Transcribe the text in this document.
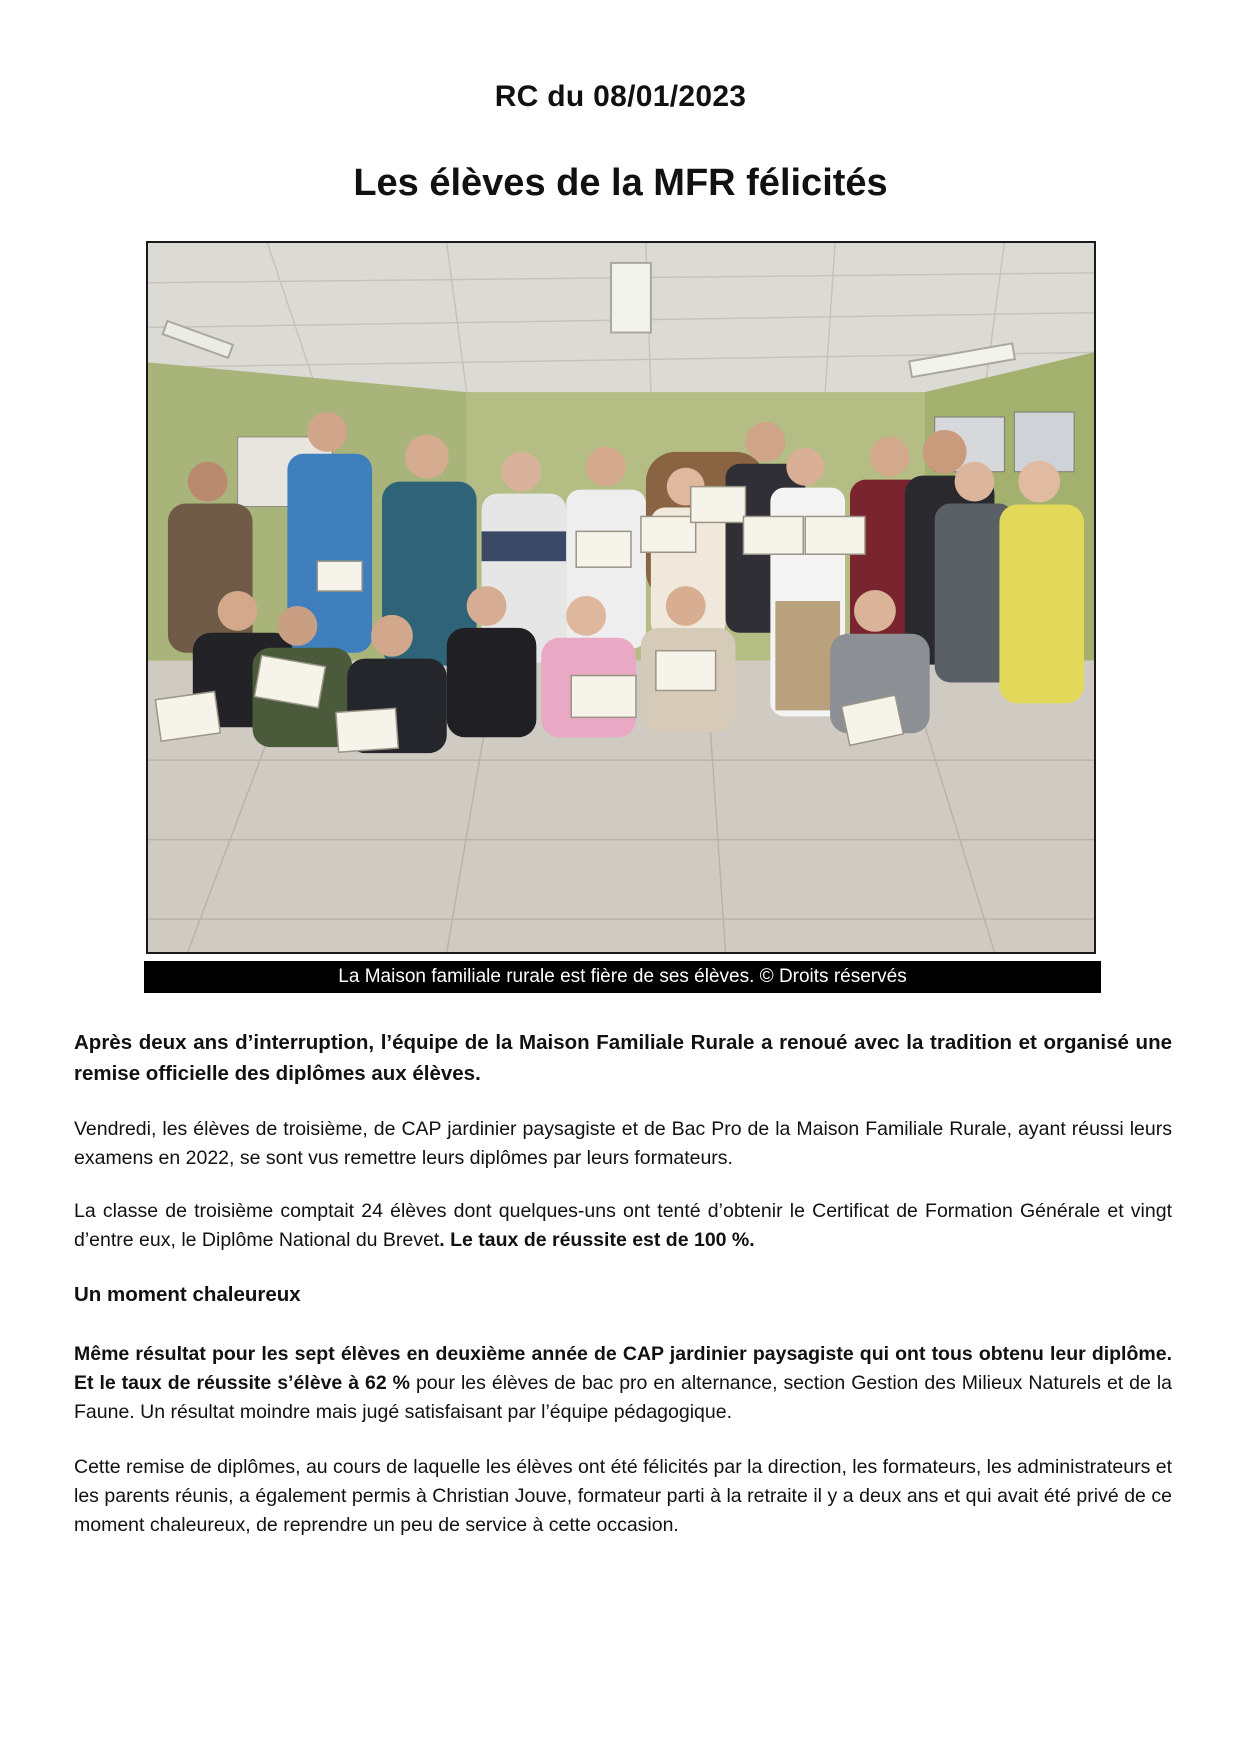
RC du 08/01/2023
Les élèves de la MFR félicités
La Maison familiale rurale est fière de ses élèves. © Droits réservés
Après deux ans d’interruption, l’équipe de la Maison Familiale Rurale a renoué avec la tradition et organisé une remise officielle des diplômes aux élèves.
Vendredi, les élèves de troisième, de CAP jardinier paysagiste et de Bac Pro de la Maison Familiale Rurale, ayant réussi leurs examens en 2022, se sont vus remettre leurs diplômes par leurs formateurs.
La classe de troisième comptait 24 élèves dont quelques-uns ont tenté d’obtenir le Certificat de Formation Générale et vingt d’entre eux, le Diplôme National du Brevet. Le taux de réussite est de 100 %.
Un moment chaleureux
Même résultat pour les sept élèves en deuxième année de CAP jardinier paysagiste qui ont tous obtenu leur diplôme. Et le taux de réussite s’élève à 62 % pour les élèves de bac pro en alternance, section Gestion des Milieux Naturels et de la Faune. Un résultat moindre mais jugé satisfaisant par l’équipe pédagogique.
Cette remise de diplômes, au cours de laquelle les élèves ont été félicités par la direction, les formateurs, les administrateurs et les parents réunis, a également permis à Christian Jouve, formateur parti à la retraite il y a deux ans et qui avait été privé de ce moment chaleureux, de reprendre un peu de service à cette occasion.
